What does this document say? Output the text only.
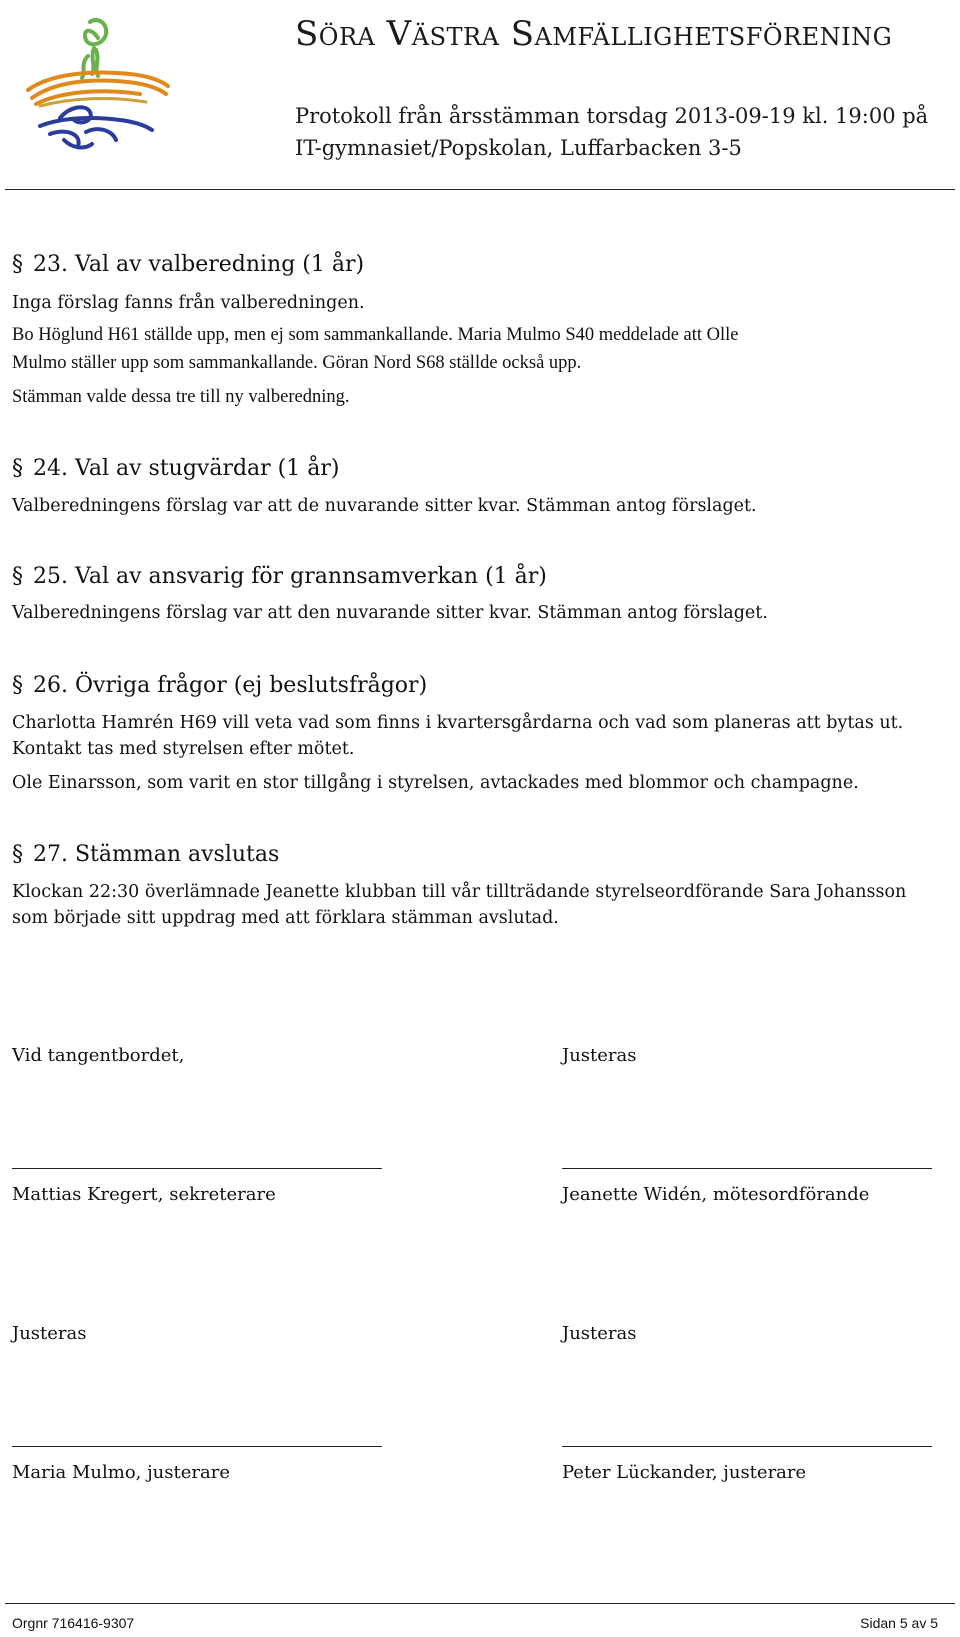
Söra Västra Samfällighetsförening
Protokoll från årsstämman torsdag 2013-09-19 kl. 19:00 på
IT-gymnasiet/Popskolan, Luffarbacken 3-5
§ 23. Val av valberedning (1 år)
Inga förslag fanns från valberedningen.
Bo Höglund H61 ställde upp, men ej som sammankallande. Maria Mulmo S40 meddelade att Olle
Mulmo ställer upp som sammankallande. Göran Nord S68 ställde också upp.
Stämman valde dessa tre till ny valberedning.
§ 24. Val av stugvärdar (1 år)
Valberedningens förslag var att de nuvarande sitter kvar. Stämman antog förslaget.
§ 25. Val av ansvarig för grannsamverkan (1 år)
Valberedningens förslag var att den nuvarande sitter kvar. Stämman antog förslaget.
§ 26. Övriga frågor (ej beslutsfrågor)
Charlotta Hamrén H69 vill veta vad som finns i kvartersgårdarna och vad som planeras att bytas ut.
Kontakt tas med styrelsen efter mötet.
Ole Einarsson, som varit en stor tillgång i styrelsen, avtackades med blommor och champagne.
§ 27. Stämman avslutas
Klockan 22:30 överlämnade Jeanette klubban till vår tillträdande styrelseordförande Sara Johansson
som började sitt uppdrag med att förklara stämman avslutad.
Vid tangentbordet,	Justeras
Mattias Kregert, sekreterare	Jeanette Widén, mötesordförande
Justeras	Justeras
Maria Mulmo, justerare	Peter Lückander, justerare
Orgnr 716416-9307	Sidan 5 av 5
